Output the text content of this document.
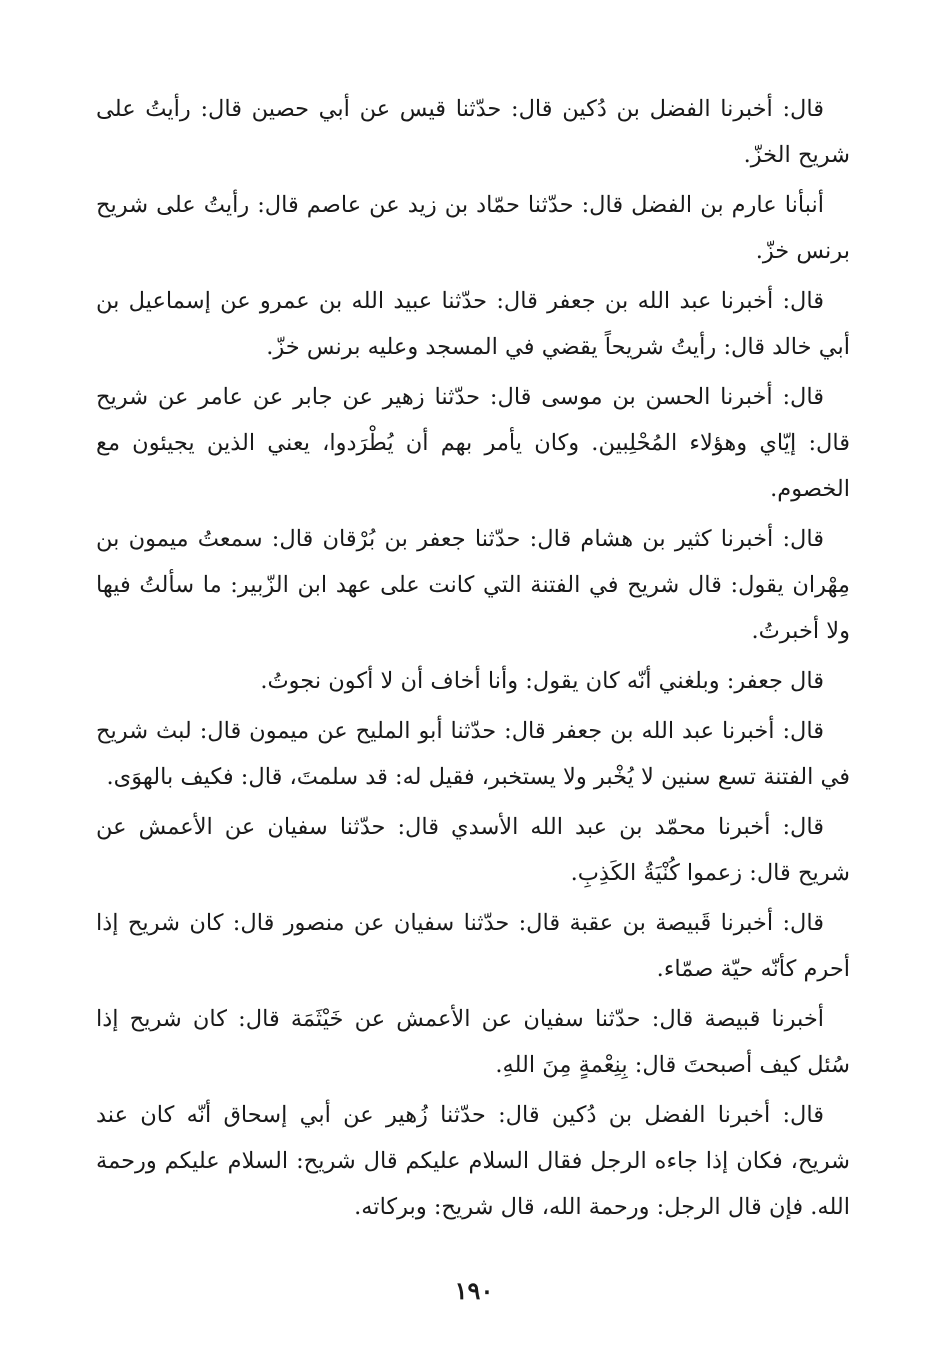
قال: أخبرنا الفضل بن دُكين قال: حدّثنا قيس عن أبي حصين قال: رأيتُ على شريح الخزّ.

أنبأنا عارم بن الفضل قال: حدّثنا حمّاد بن زيد عن عاصم قال: رأيتُ على شريح برنس خزّ.

قال: أخبرنا عبد الله بن جعفر قال: حدّثنا عبيد الله بن عمرو عن إسماعيل بن أبي خالد قال: رأيتُ شريحاً يقضي في المسجد وعليه برنس خزّ.

قال: أخبرنا الحسن بن موسى قال: حدّثنا زهير عن جابر عن عامر عن شريح قال: إيّاي وهؤلاء المُحْلِبين. وكان يأمر بهم أن يُطْرَدوا، يعني الذين يجيئون مع الخصوم.

قال: أخبرنا كثير بن هشام قال: حدّثنا جعفر بن بُرْقان قال: سمعتُ ميمون بن مِهْران يقول: قال شريح في الفتنة التي كانت على عهد ابن الزّبير: ما سألتُ فيها ولا أخبرتُ.

قال جعفر: وبلغني أنّه كان يقول: وأنا أخاف أن لا أكون نجوتُ.

قال: أخبرنا عبد الله بن جعفر قال: حدّثنا أبو المليح عن ميمون قال: لبث شريح في الفتنة تسع سنين لا يُخْبر ولا يستخبر، فقيل له: قد سلمتَ، قال: فكيف بالهوَى.

قال: أخبرنا محمّد بن عبد الله الأسدي قال: حدّثنا سفيان عن الأعمش عن شريح قال: زعموا كُنْيَةُ الكَذِبِ.

قال: أخبرنا قَبيصة بن عقبة قال: حدّثنا سفيان عن منصور قال: كان شريح إذا أحرم كأنّه حيّة صمّاء.

أخبرنا قبيصة قال: حدّثنا سفيان عن الأعمش عن خَيْثَمَة قال: كان شريح إذا سُئل كيف أصبحتَ قال: بِنِعْمةٍ مِنَ اللهِ.

قال: أخبرنا الفضل بن دُكين قال: حدّثنا زُهير عن أبي إسحاق أنّه كان عند شريح، فكان إذا جاءه الرجل فقال السلام عليكم قال شريح: السلام عليكم ورحمة الله. فإن قال الرجل: ورحمة الله، قال شريح: وبركاته.

١٩٠
